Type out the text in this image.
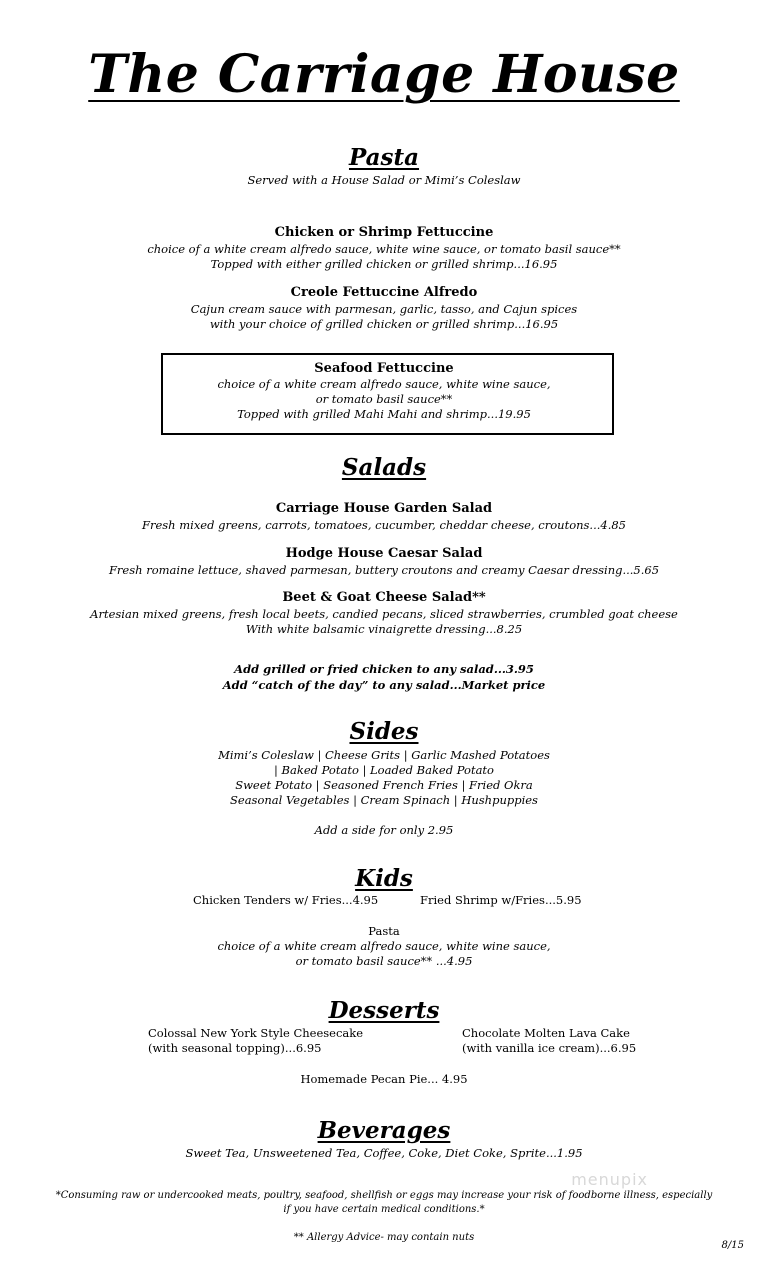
The Carriage House
Pasta
Served with a House Salad or Mimi’s Coleslaw
Chicken or Shrimp Fettuccine
choice of a white cream alfredo sauce, white wine sauce, or tomato basil sauce**
Topped with either grilled chicken or grilled shrimp...16.95
Creole Fettuccine Alfredo
Cajun cream sauce with parmesan, garlic, tasso, and Cajun spices
with your choice of grilled chicken or grilled shrimp...16.95
Seafood Fettuccine
choice of a white cream alfredo sauce, white wine sauce,
or tomato basil sauce**
Topped with grilled Mahi Mahi and shrimp...19.95
Salads
Carriage House Garden Salad
Fresh mixed greens, carrots, tomatoes, cucumber, cheddar cheese, croutons...4.85
Hodge House Caesar Salad
Fresh romaine lettuce, shaved parmesan, buttery croutons and creamy Caesar dressing...5.65
Beet & Goat Cheese Salad**
Artesian mixed greens, fresh local beets, candied pecans, sliced strawberries, crumbled goat cheese
With white balsamic vinaigrette dressing...8.25
Add grilled or fried chicken to any salad...3.95
Add “catch of the day” to any salad...Market price
Sides
Mimi’s Coleslaw | Cheese Grits | Garlic Mashed Potatoes
| Baked Potato | Loaded Baked Potato
Sweet Potato | Seasoned French Fries | Fried Okra
Seasonal Vegetables | Cream Spinach | Hushpuppies
Add a side for only 2.95
Kids
Chicken Tenders w/ Fries...4.95	Fried Shrimp w/Fries...5.95
Pasta
choice of a white cream alfredo sauce, white wine sauce,
or tomato basil sauce** ...4.95
Desserts
Colossal New York Style Cheesecake
(with seasonal topping)...6.95
Chocolate Molten Lava Cake
(with vanilla ice cream)...6.95
Homemade Pecan Pie... 4.95
Beverages
Sweet Tea, Unsweetened Tea, Coffee, Coke, Diet Coke, Sprite...1.95
menupix
*Consuming raw or undercooked meats, poultry, seafood, shellfish or eggs may increase your risk of foodborne illness, especially
if you have certain medical conditions.*
** Allergy Advice- may contain nuts
8/15
